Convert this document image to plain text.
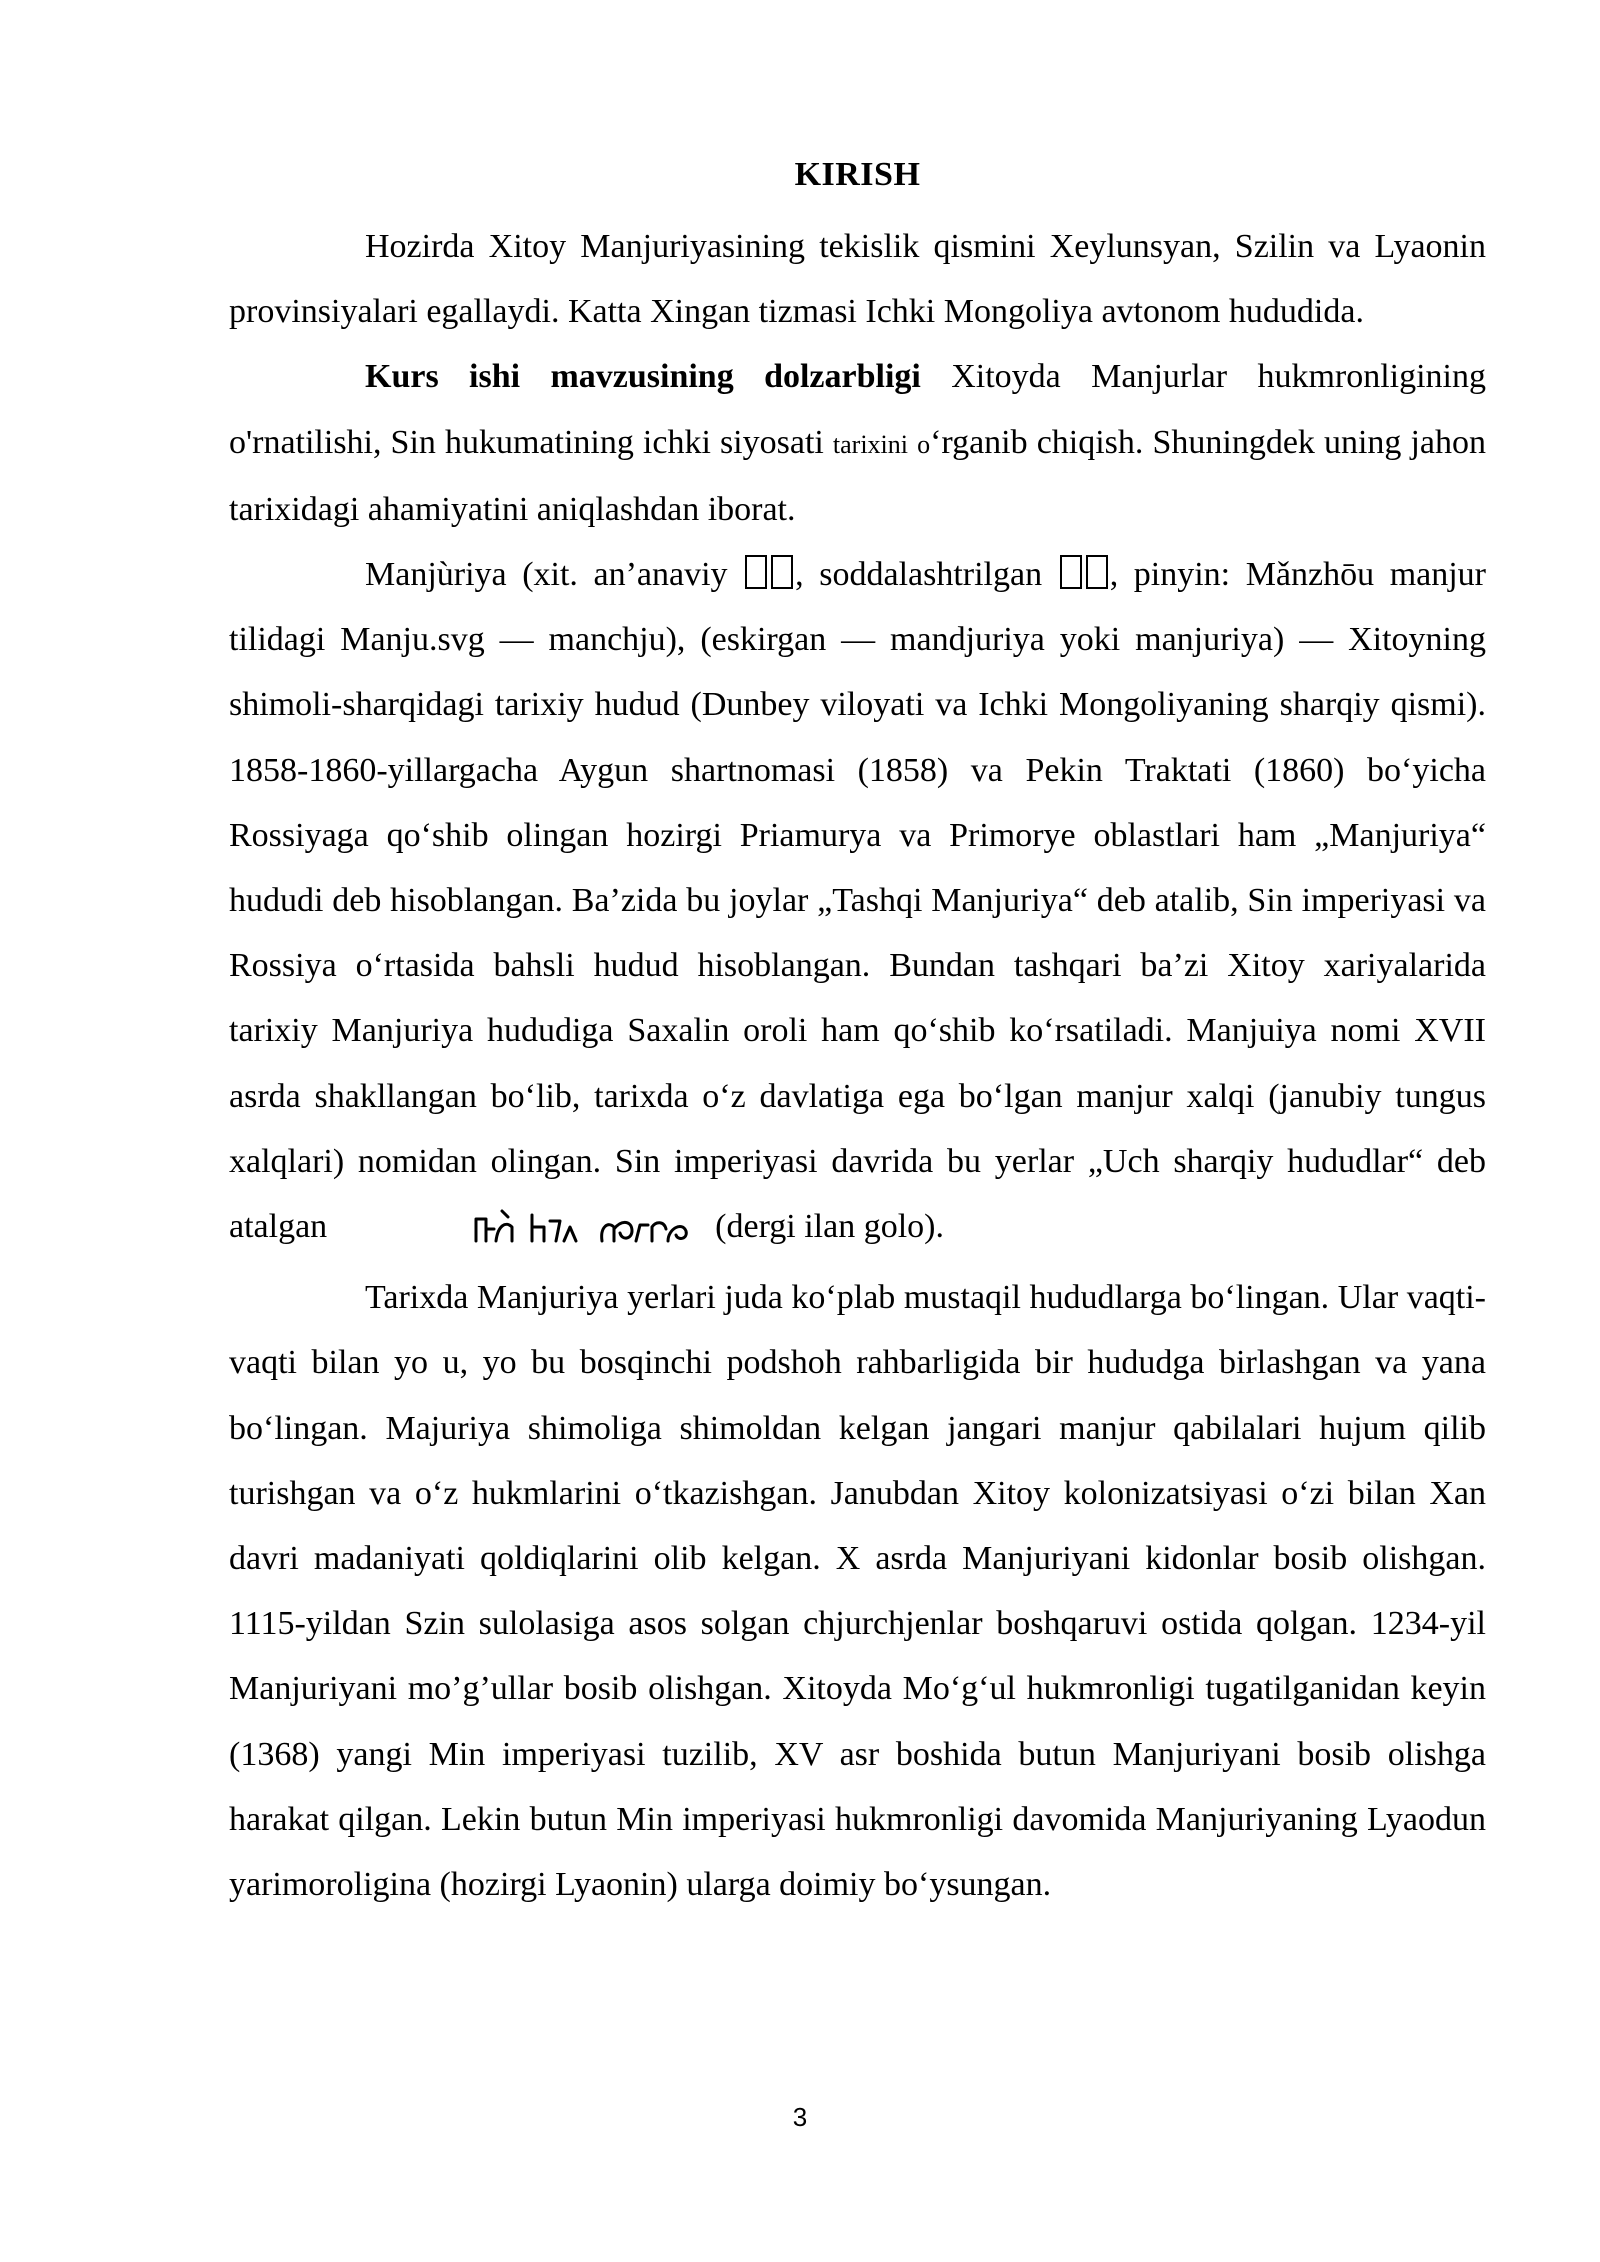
KIRISH

Hozirda Xitoy Manjuriyasining tekislik qismini Xeylunsyan, Szilin va Lyaonin provinsiyalari egallaydi. Katta Xingan tizmasi Ichki Mongoliya avtonom hududida.

Kurs ishi mavzusining dolzarbligi Xitoyda Manjurlar hukmronligining o'rnatilishi, Sin hukumatining ichki siyosati tarixini o‘rganib chiqish. Shuningdek uning jahon tarixidagi ahamiyatini aniqlashdan iborat.

Manjùriya (xit. an’anaviy , soddalashtrilgan , pinyin: Mǎnzhōu manjur tilidagi Manju.svg — manchju), (eskirgan — mandjuriya yoki manjuriya) — Xitoyning shimoli-sharqidagi tarixiy hudud (Dunbey viloyati va Ichki Mongoliyaning sharqiy qismi). 1858-1860-yillargacha Aygun shartnomasi (1858) va Pekin Traktati (1860) bo‘yicha Rossiyaga qo‘shib olingan hozirgi Priamurya va Primorye oblastlari ham „Manjuriya“ hududi deb hisoblangan. Ba’zida bu joylar „Tashqi Manjuriya“ deb atalib, Sin imperiyasi va Rossiya o‘rtasida bahsli hudud hisoblangan. Bundan tashqari ba’zi Xitoy xariyalarida tarixiy Manjuriya hududiga Saxalin oroli ham qo‘shib ko‘rsatiladi. Manjuiya nomi XVII asrda shakllangan bo‘lib, tarixda o‘z davlatiga ega bo‘lgan manjur xalqi (janubiy tungus xalqlari) nomidan olingan. Sin imperiyasi davrida bu yerlar „Uch sharqiy hududlar“ deb atalgan	(dergi ilan golo).

Tarixda Manjuriya yerlari juda ko‘plab mustaqil hududlarga bo‘lingan. Ular vaqti-vaqti bilan yo u, yo bu bosqinchi podshoh rahbarligida bir hududga birlashgan va yana bo‘lingan. Majuriya shimoliga shimoldan kelgan jangari manjur qabilalari hujum qilib turishgan va o‘z hukmlarini o‘tkazishgan. Janubdan Xitoy kolonizatsiyasi o‘zi bilan Xan davri madaniyati qoldiqlarini olib kelgan. X asrda Manjuriyani kidonlar bosib olishgan. 1115-yildan Szin sulolasiga asos solgan chjurchjenlar boshqaruvi ostida qolgan. 1234-yil Manjuriyani mo’g’ullar bosib olishgan. Xitoyda Mo‘g‘ul hukmronligi tugatilganidan keyin (1368) yangi Min imperiyasi tuzilib, XV asr boshida butun Manjuriyani bosib olishga harakat qilgan. Lekin butun Min imperiyasi hukmronligi davomida Manjuriyaning Lyaodun yarimoroligina (hozirgi Lyaonin) ularga doimiy bo‘ysungan.

3
